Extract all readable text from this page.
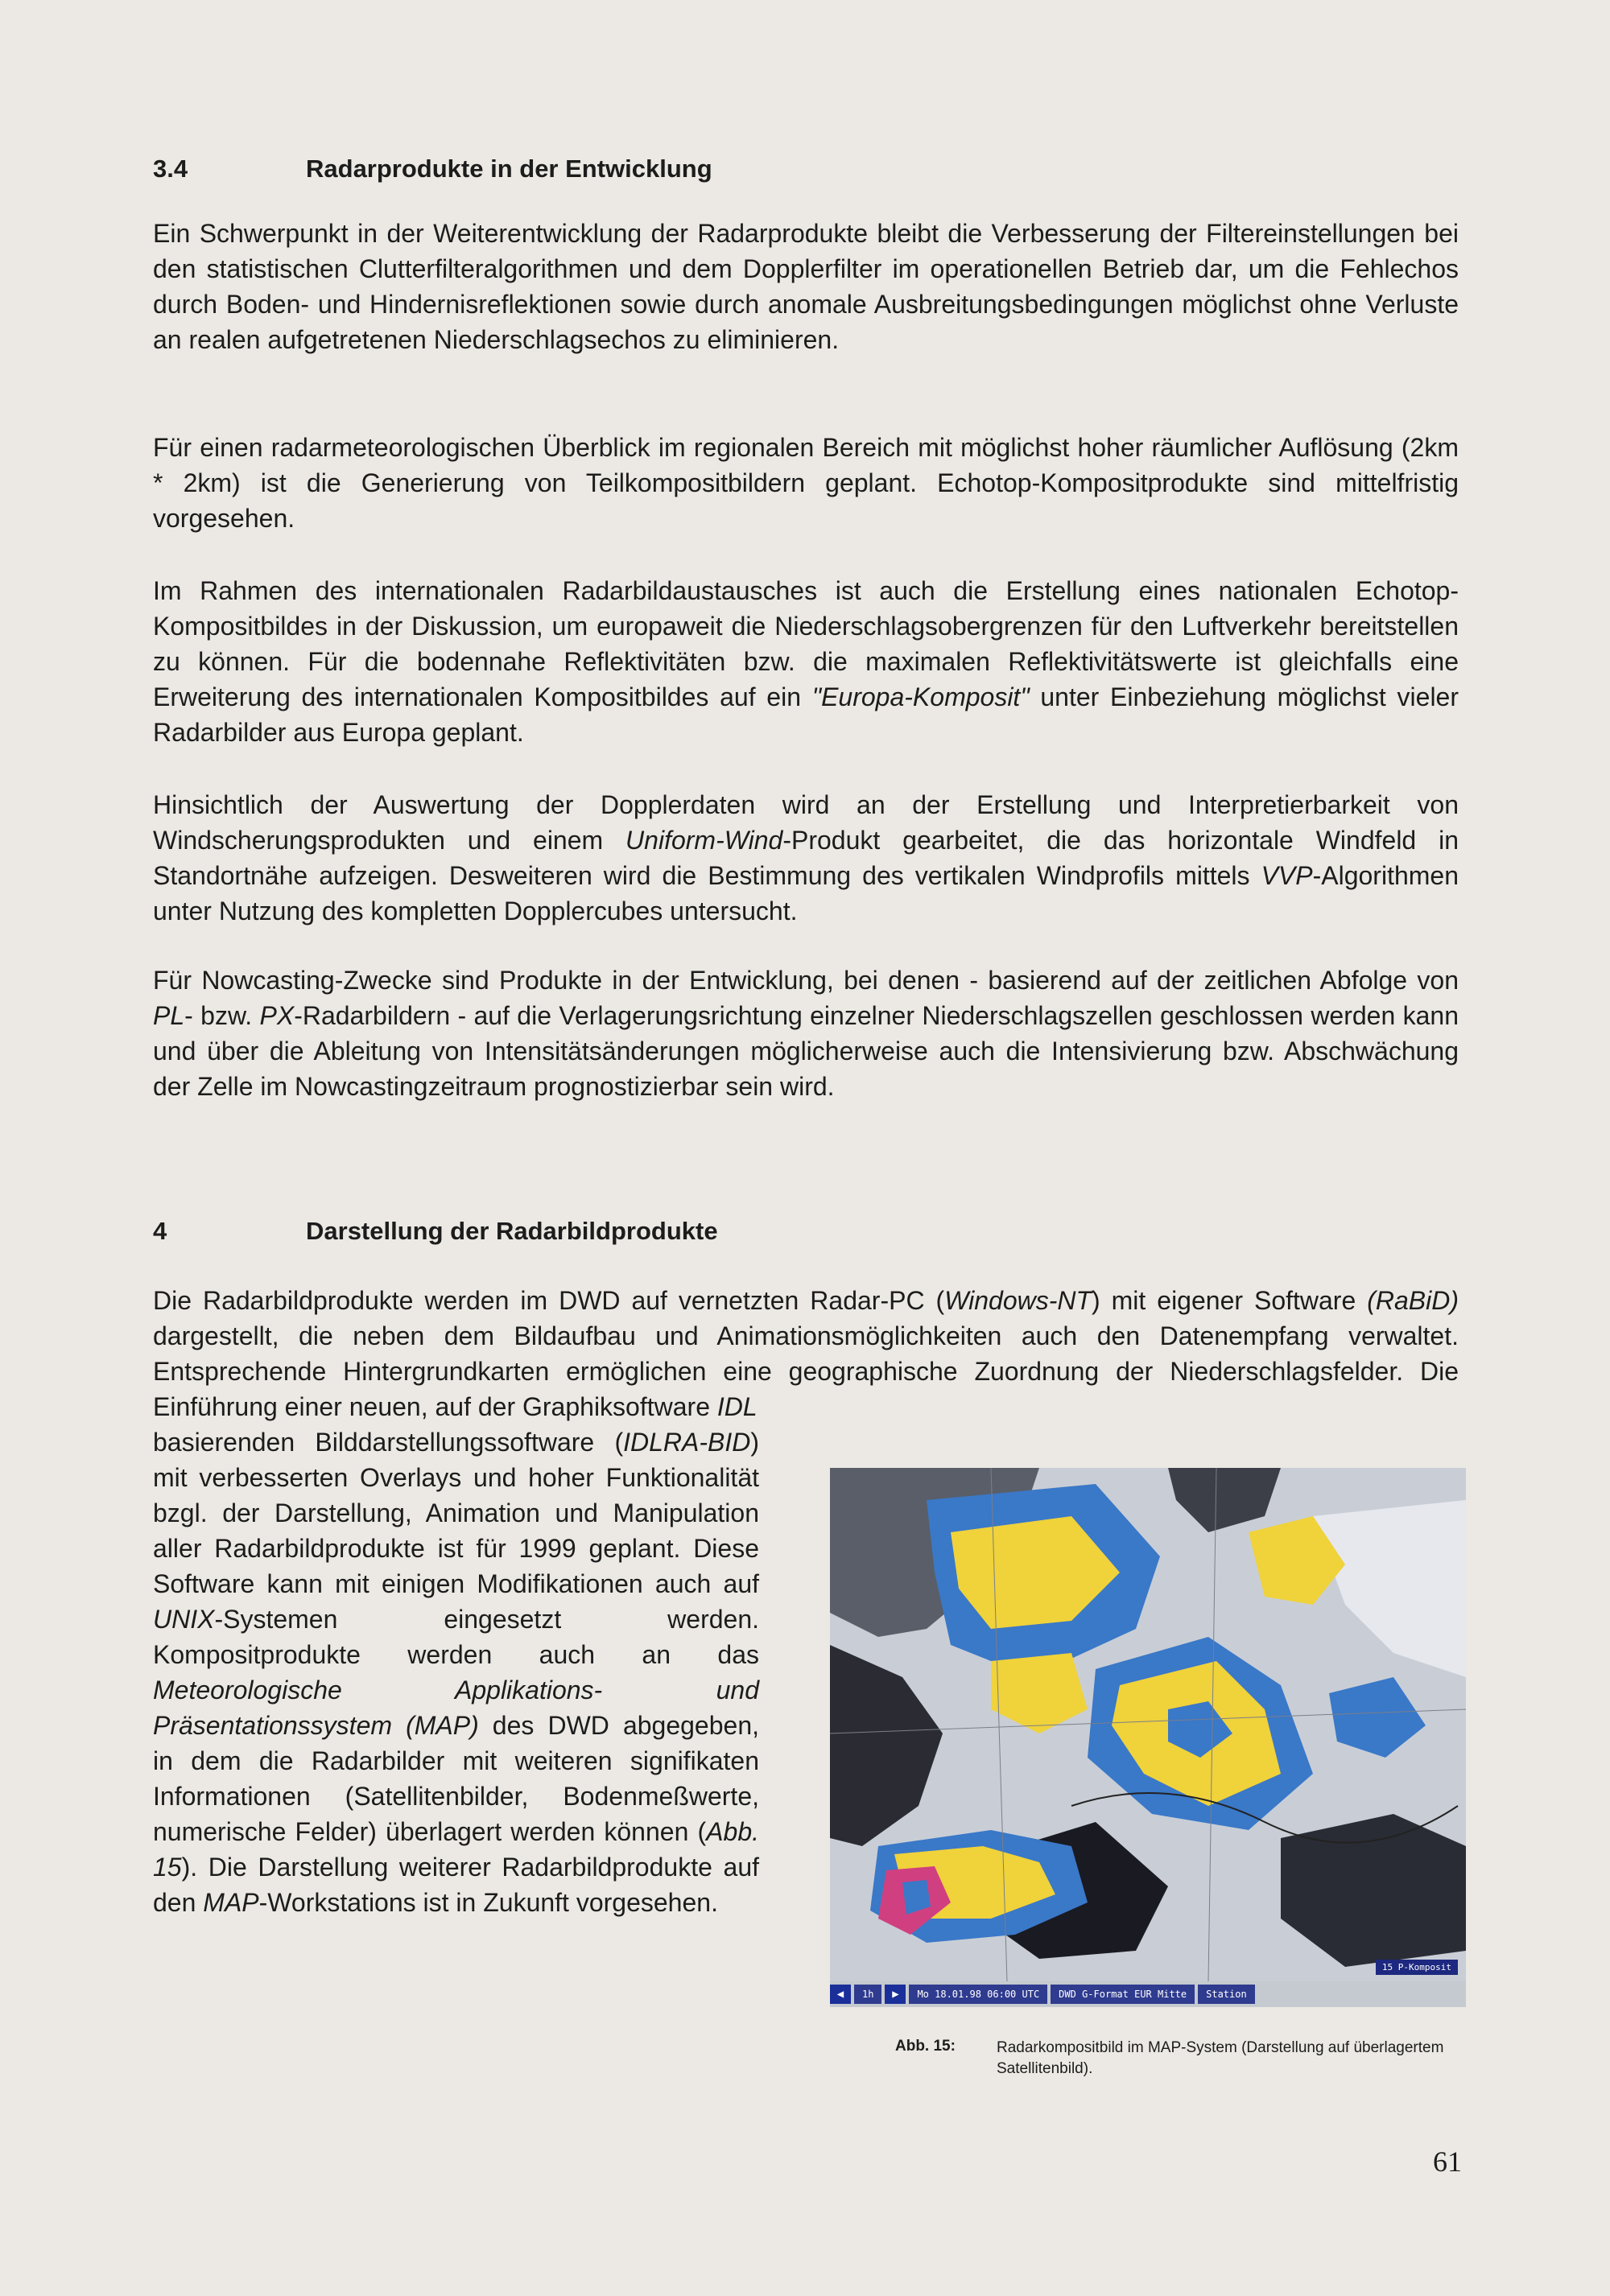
3.4	Radarprodukte in der Entwicklung

Ein Schwerpunkt in der Weiterentwicklung der Radarprodukte bleibt die Verbesserung der Filtereinstellungen bei den statistischen Clutterfilteralgorithmen und dem Dopplerfilter im operationellen Betrieb dar, um die Fehlechos durch Boden- und Hindernisreflektionen sowie durch anomale Ausbreitungsbedingungen möglichst ohne Verluste an realen aufgetretenen Niederschlagsechos zu eliminieren.

Für einen radarmeteorologischen Überblick im regionalen Bereich mit möglichst hoher räumlicher Auflösung (2km * 2km) ist die Generierung von Teilkompositbildern geplant. Echotop-Kompositprodukte sind mittelfristig vorgesehen.

Im Rahmen des internationalen Radarbildaustausches ist auch die Erstellung eines nationalen Echotop-Kompositbildes in der Diskussion, um europaweit die Niederschlagsobergrenzen für den Luftverkehr bereitstellen zu können. Für die bodennahe Reflektivitäten bzw. die maximalen Reflektivitätswerte ist gleichfalls eine Erweiterung des internationalen Kompositbildes auf ein "Europa-Komposit" unter Einbeziehung möglichst vieler Radarbilder aus Europa geplant.

Hinsichtlich der Auswertung der Dopplerdaten wird an der Erstellung und Interpretierbarkeit von Windscherungsprodukten und einem Uniform-Wind-Produkt gearbeitet, die das horizontale Windfeld in Standortnähe aufzeigen. Desweiteren wird die Bestimmung des vertikalen Windprofils mittels VVP-Algorithmen unter Nutzung des kompletten Dopplercubes untersucht.

Für Nowcasting-Zwecke sind Produkte in der Entwicklung, bei denen - basierend auf der zeitlichen Abfolge von PL- bzw. PX-Radarbildern - auf die Verlagerungsrichtung einzelner Niederschlagszellen geschlossen werden kann und über die Ableitung von Intensitätsänderungen möglicherweise auch die Intensivierung bzw. Abschwächung der Zelle im Nowcastingzeitraum prognostizierbar sein wird.

4	Darstellung der Radarbildprodukte

Die Radarbildprodukte werden im DWD auf vernetzten Radar-PC (Windows-NT) mit eigener Software (RaBiD) dargestellt, die neben dem Bildaufbau und Animationsmöglichkeiten auch den Datenempfang verwaltet. Entsprechende Hintergrundkarten ermöglichen eine geographische Zuordnung der Niederschlagsfelder. Die Einführung einer neuen, auf der Graphiksoftware IDL

basierenden Bilddarstellungssoftware (IDLRA-BID) mit verbesserten Overlays und hoher Funktionalität bzgl. der Darstellung, Animation und Manipulation aller Radarbildprodukte ist für 1999 geplant. Diese Software kann mit einigen Modifikationen auch auf UNIX-Systemen eingesetzt werden. Kompositprodukte werden auch an das Meteorologische Applikations- und Präsentationssystem (MAP) des DWD abgegeben, in dem die Radarbilder mit weiteren signifikaten Informationen (Satellitenbilder, Bodenmeßwerte, numerische Felder) überlagert werden können (Abb. 15). Die Darstellung weiterer Radarbildprodukte auf den MAP-Workstations ist in Zukunft vorgesehen.

15 P-Komposit
◀	1h	▶	Mo 18.01.98 06:00 UTC	DWD G-Format EUR Mitte	Station
Abb. 15:	Radarkompositbild im MAP-System (Darstellung auf überlagertem Satellitenbild).
61
